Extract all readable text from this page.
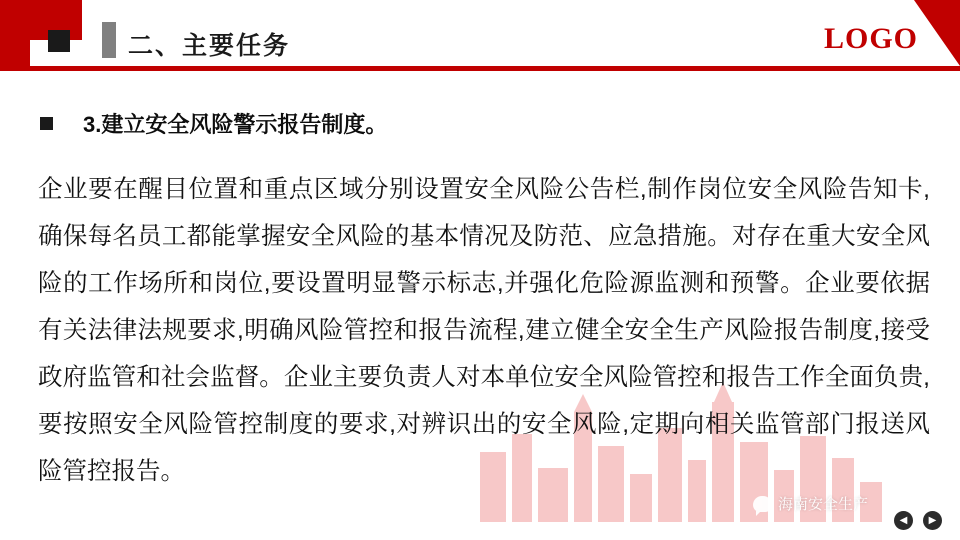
二、主要任务	LOGO
3.建立安全风险警示报告制度。
企业要在醒目位置和重点区域分别设置安全风险公告栏,制作岗位安全风险告知卡,确保每名员工都能掌握安全风险的基本情况及防范、应急措施。对存在重大安全风险的工作场所和岗位,要设置明显警示标志,并强化危险源监测和预警。企业要依据有关法律法规要求,明确风险管控和报告流程,建立健全安全生产风险报告制度,接受政府监管和社会监督。企业主要负责人对本单位安全风险管控和报告工作全面负贵,要按照安全风险管控制度的要求,对辨识出的安全风险,定期向相关监管部门报送风险管控报告。
海南安全生产
◀	▶
